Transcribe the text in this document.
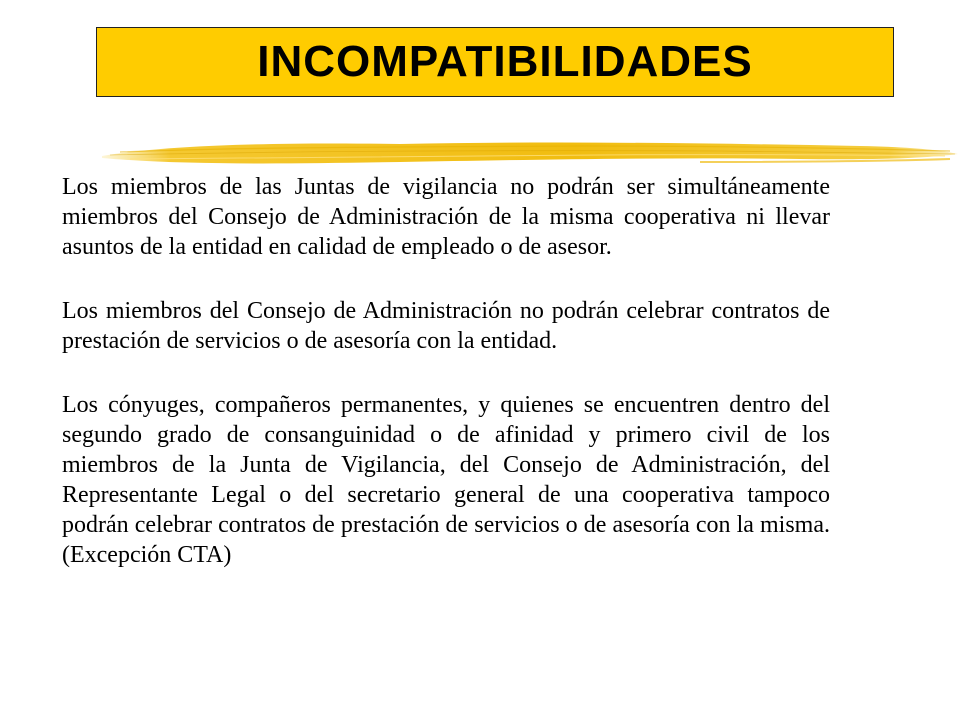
INCOMPATIBILIDADES

Los miembros de las Juntas de vigilancia no podrán ser simultáneamente miembros del Consejo de Administración de la misma cooperativa ni llevar asuntos de la entidad en calidad de empleado o de asesor.

Los miembros del Consejo de Administración no podrán celebrar contratos de prestación de servicios o de asesoría con la entidad.

Los cónyuges, compañeros permanentes, y quienes se encuentren dentro del segundo grado de consanguinidad o de afinidad y primero civil de los miembros de la Junta de Vigilancia, del Consejo de Administración, del Representante Legal o del secretario general de una cooperativa tampoco podrán celebrar contratos de prestación de servicios o de asesoría con la misma. (Excepción CTA)
